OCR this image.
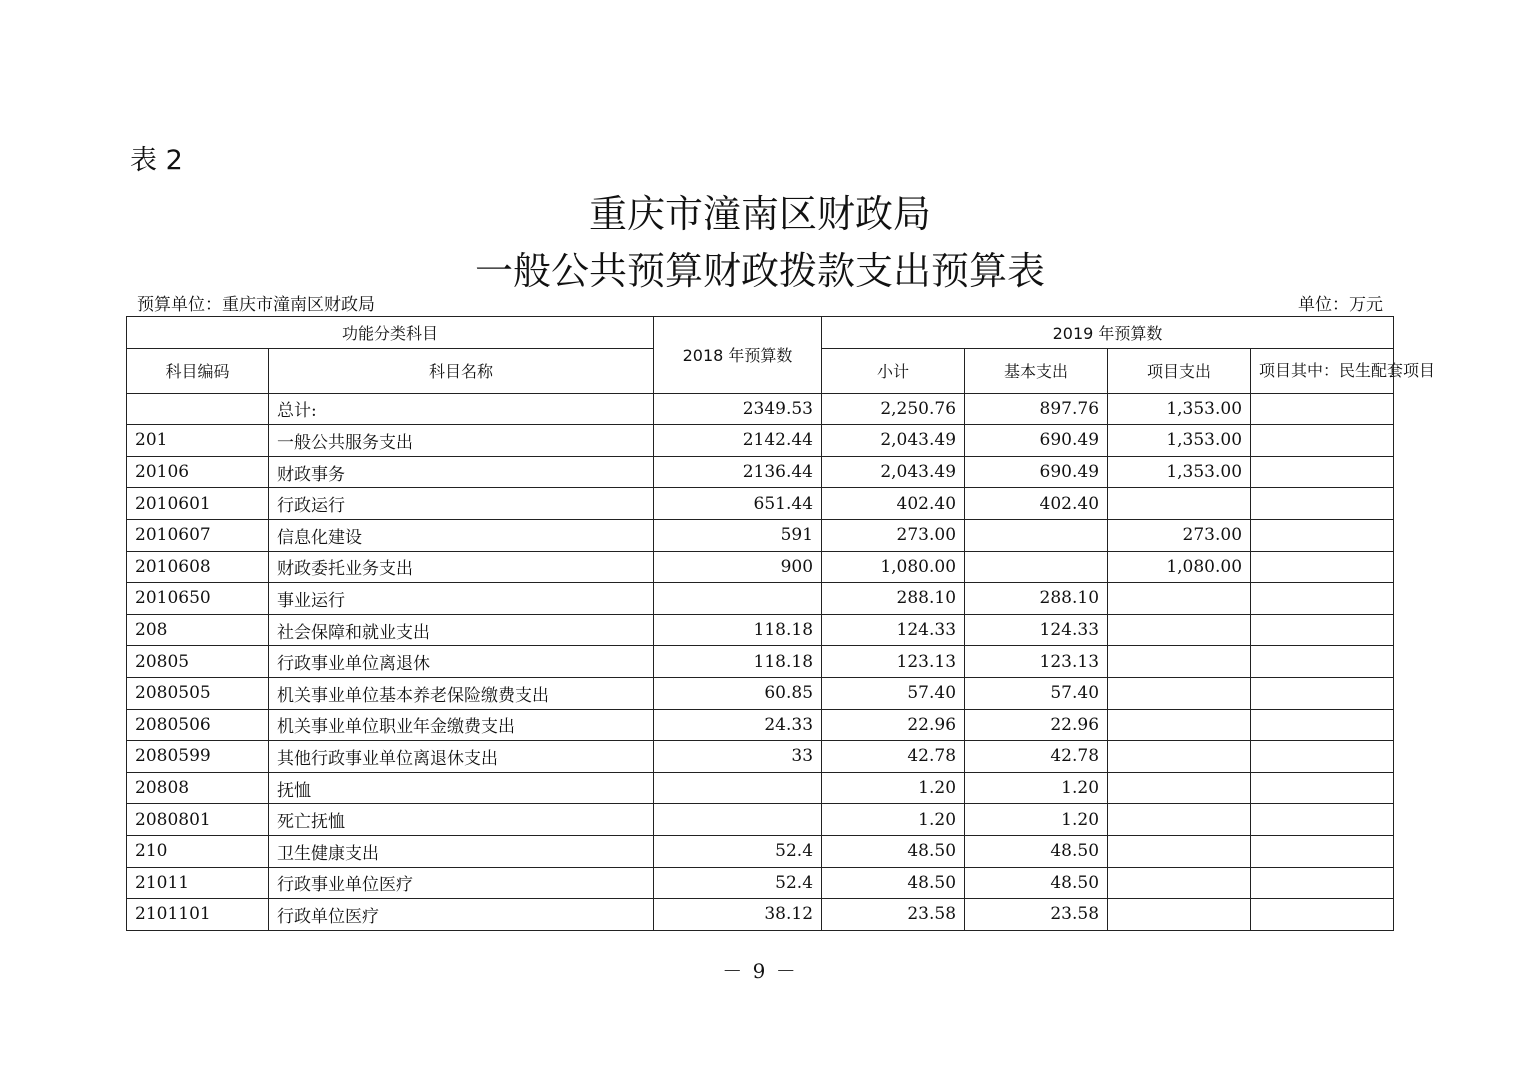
表 2
重庆市潼南区财政局
一般公共预算财政拨款支出预算表
预算单位：重庆市潼南区财政局	单位：万元
功能分类科目		2018 年预算数	2019 年预算数			
科目编码	科目名称		小计	基本支出	项目支出	项目其中：民生配套项目
	总计:	2349.53	2,250.76	897.76	1,353.00	
201	一般公共服务支出	2142.44	2,043.49	690.49	1,353.00	
20106	财政事务	2136.44	2,043.49	690.49	1,353.00	
2010601	行政运行	651.44	402.40	402.40		
2010607	信息化建设	591	273.00		273.00	
2010608	财政委托业务支出	900	1,080.00		1,080.00	
2010650	事业运行		288.10	288.10		
208	社会保障和就业支出	118.18	124.33	124.33		
20805	行政事业单位离退休	118.18	123.13	123.13		
2080505	机关事业单位基本养老保险缴费支出	60.85	57.40	57.40		
2080506	机关事业单位职业年金缴费支出	24.33	22.96	22.96		
2080599	其他行政事业单位离退休支出	33	42.78	42.78		
20808	抚恤		1.20	1.20		
2080801	死亡抚恤		1.20	1.20		
210	卫生健康支出	52.4	48.50	48.50		
21011	行政事业单位医疗	52.4	48.50	48.50		
2101101	行政单位医疗	38.12	23.58	23.58		
－ 9 －
